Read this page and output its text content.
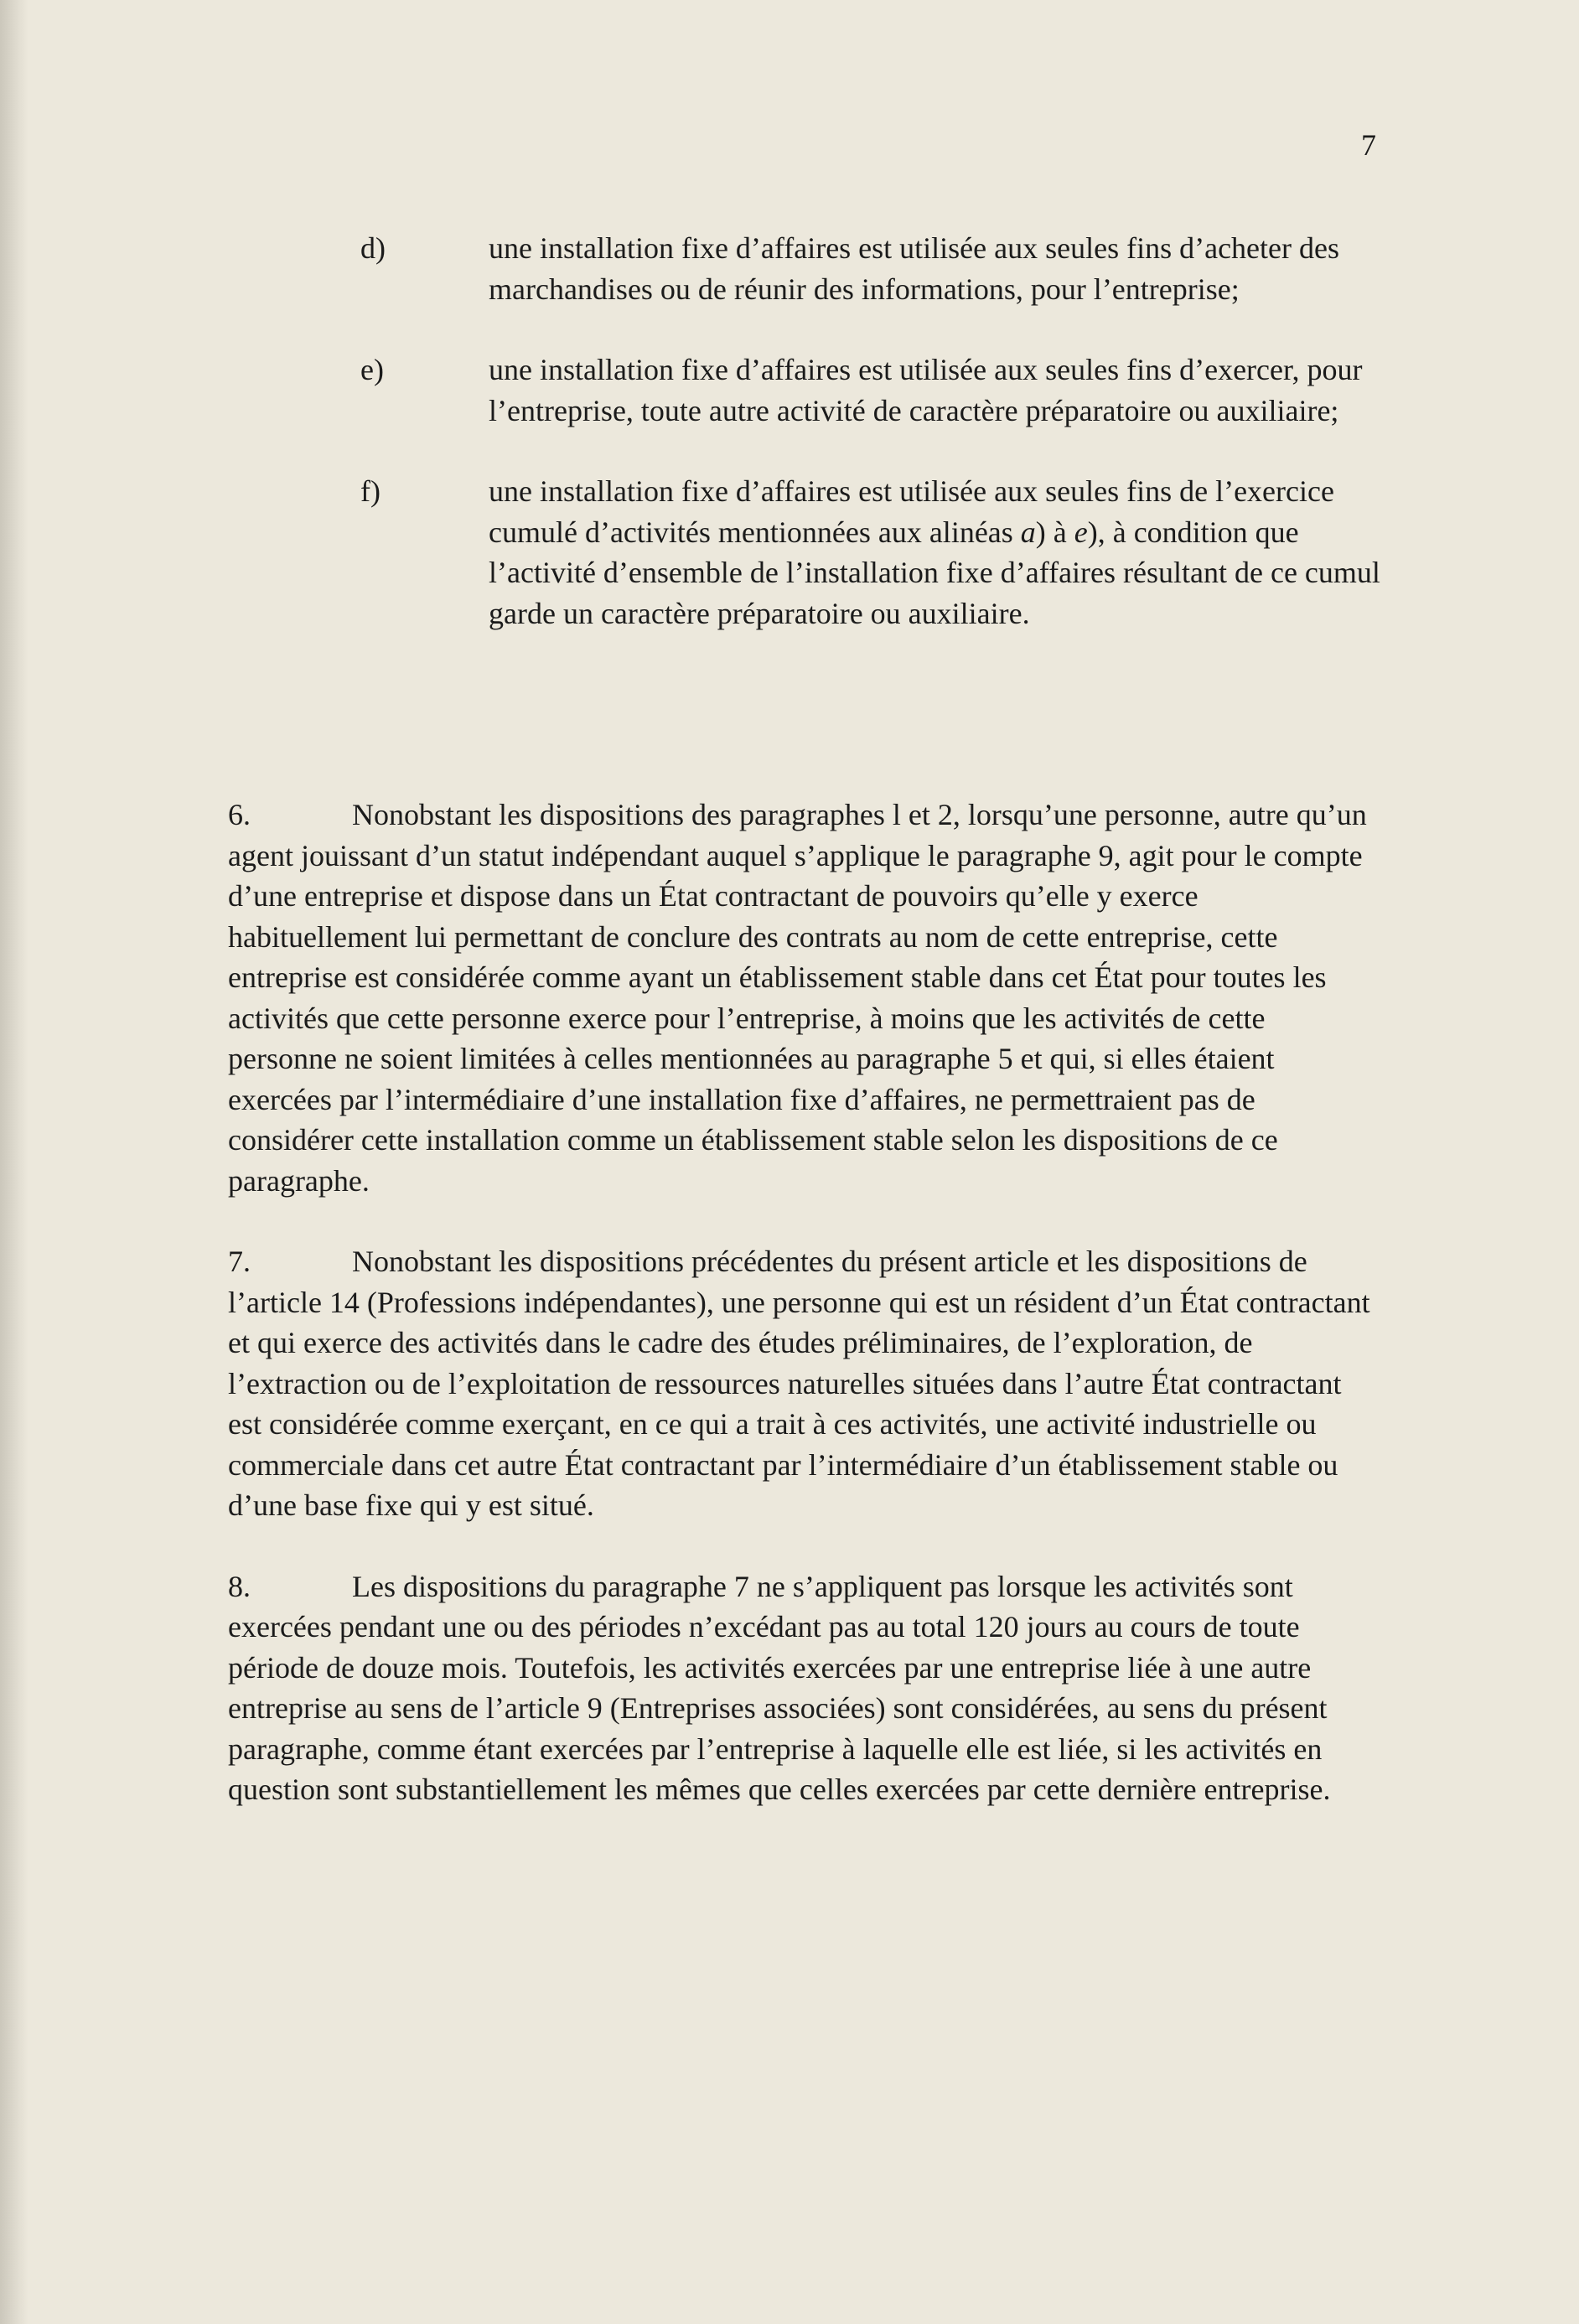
7
d)	une installation fixe d’affaires est utilisée aux seules fins d’acheter des marchandises ou de réunir des informations, pour l’entreprise;
e)	une installation fixe d’affaires est utilisée aux seules fins d’exercer, pour l’entreprise, toute autre activité de caractère préparatoire ou auxiliaire;
f)	une installation fixe d’affaires est utilisée aux seules fins de l’exercice cumulé d’activités mentionnées aux alinéas a) à e), à condition que l’activité d’ensemble de l’installation fixe d’affaires résultant de ce cumul garde un caractère préparatoire ou auxiliaire.

6.	Nonobstant les dispositions des paragraphes l et 2, lorsqu’une personne, autre qu’un agent jouissant d’un statut indépendant auquel s’applique le paragraphe 9, agit pour le compte d’une entreprise et dispose dans un État contractant de pouvoirs qu’elle y exerce habituellement lui permettant de conclure des contrats au nom de cette entreprise, cette entreprise est considérée comme ayant un établissement stable dans cet État pour toutes les activités que cette personne exerce pour l’entreprise, à moins que les activités de cette personne ne soient limitées à celles mentionnées au paragraphe 5 et qui, si elles étaient exercées par l’intermédiaire d’une installation fixe d’affaires, ne permettraient pas de considérer cette installation comme un établissement stable selon les dispositions de ce paragraphe.

7.	Nonobstant les dispositions précédentes du présent article et les dispositions de l’article 14 (Professions indépendantes), une personne qui est un résident d’un État contractant et qui exerce des activités dans le cadre des études préliminaires, de l’exploration, de l’extraction ou de l’exploitation de ressources naturelles situées dans l’autre État contractant est considérée comme exerçant, en ce qui a trait à ces activités, une activité industrielle ou commerciale dans cet autre État contractant par l’intermédiaire d’un établissement stable ou d’une base fixe qui y est situé.

8.	Les dispositions du paragraphe 7 ne s’appliquent pas lorsque les activités sont exercées pendant une ou des périodes n’excédant pas au total 120 jours au cours de toute période de douze mois. Toutefois, les activités exercées par une entreprise liée à une autre entreprise au sens de l’article 9 (Entreprises associées) sont considérées, au sens du présent paragraphe, comme étant exercées par l’entreprise à laquelle elle est liée, si les activités en question sont substantiellement les mêmes que celles exercées par cette dernière entreprise.
